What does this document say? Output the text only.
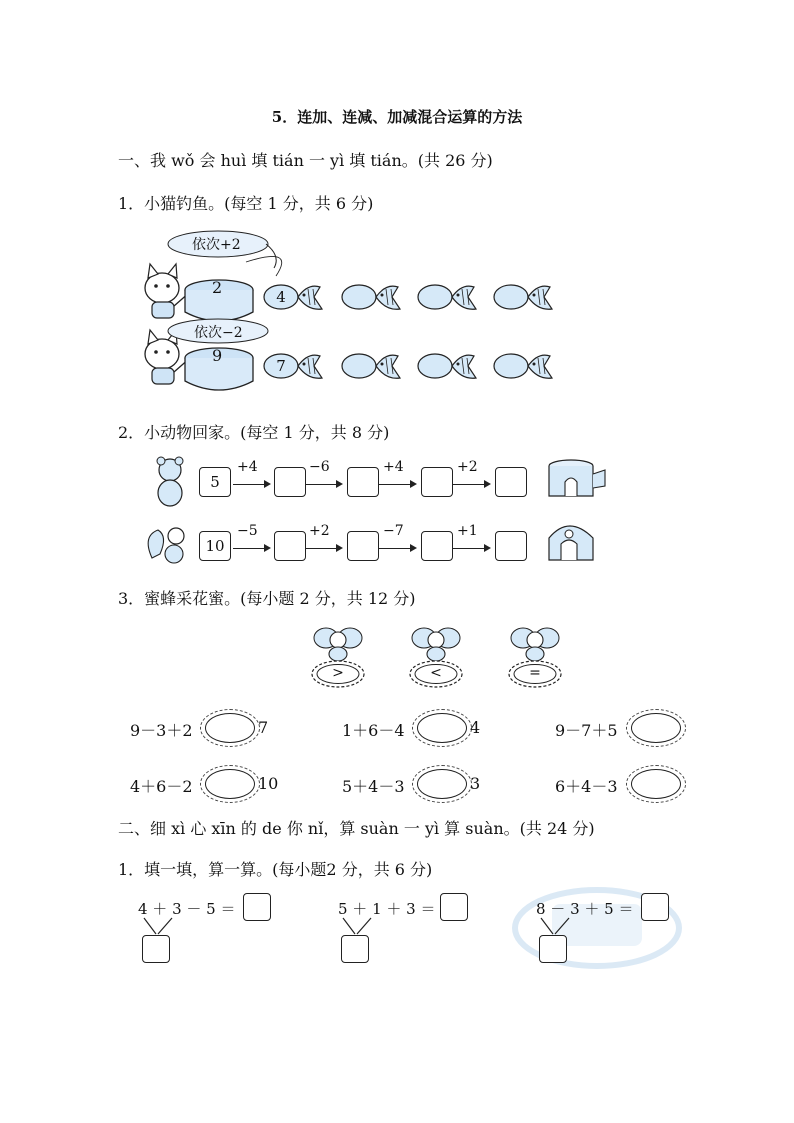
5．连加、连减、加减混合运算的方法
一、我 wǒ 会 huì 填 tián 一 yì 填 tián。(共 26 分)
1．小猫钓鱼。(每空 1 分，共 6 分)
依次+2
2
依次−2
9
4
7
2．小动物回家。(每空 1 分，共 8 分)
5
+4	−6	+4	+2
10
−5	+2	−7	+1
3．蜜蜂采花蜜。(每小题 2 分，共 12 分)
>	<	=
9－3＋2	7	1＋6－4	4	9－7＋5
4＋6－2	10	5＋4－3	3	6＋4－3
二、细 xì 心 xīn 的 de 你 nǐ，算 suàn 一 yì 算 suàn。(共 24 分)
1．填一填，算一算。(每小题2 分，共 6 分)
4 ＋ 3 － 5 ＝	5 ＋ 1 ＋ 3 ＝	8 － 3 ＋ 5 ＝
